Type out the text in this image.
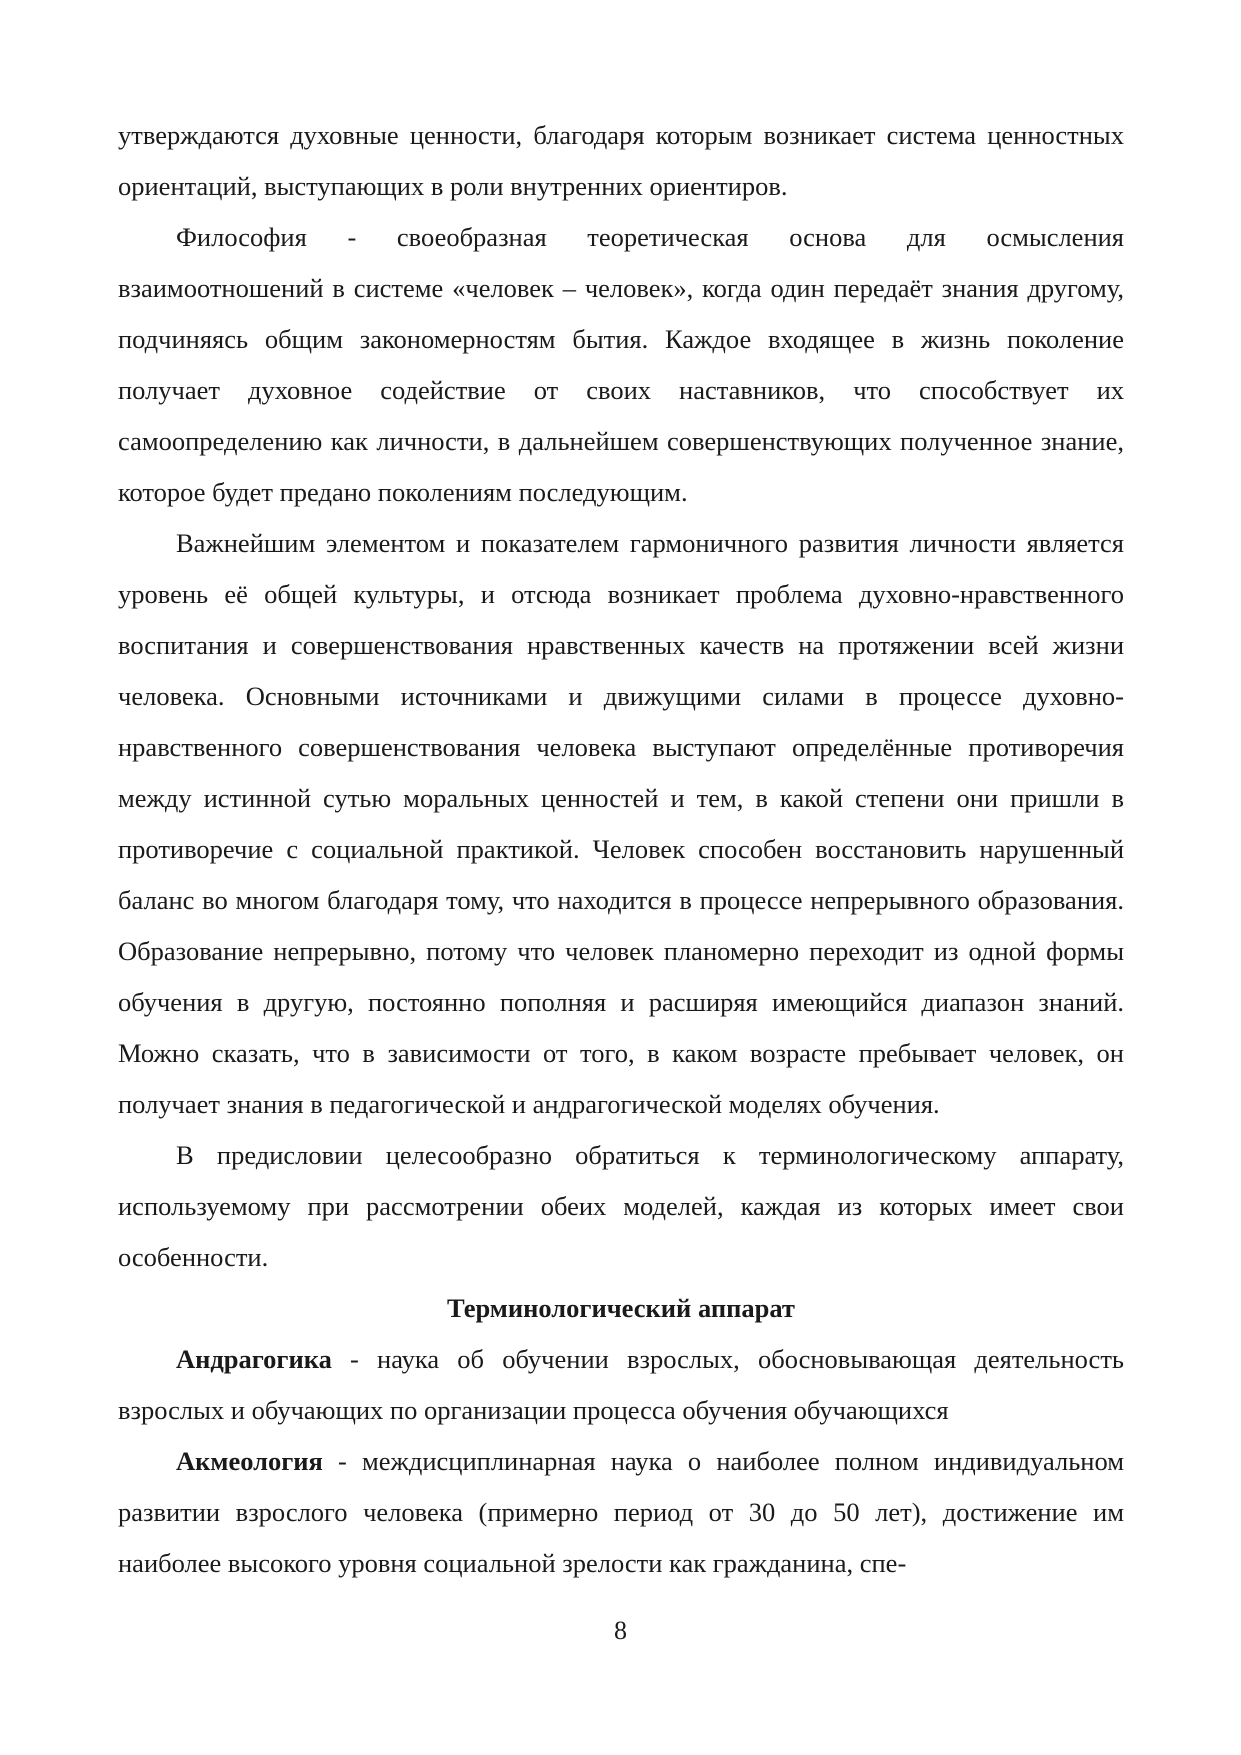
утверждаются духовные ценности, благодаря которым возникает система ценностных ориентаций, выступающих в роли внутренних ориентиров.

Философия - своеобразная теоретическая основа для осмысления взаимоотношений в системе «человек – человек», когда один передаёт знания другому, подчиняясь общим закономерностям бытия. Каждое входящее в жизнь поколение получает духовное содействие от своих наставников, что способствует их самоопределению как личности, в дальнейшем совершенствующих полученное знание, которое будет предано поколениям последующим.

Важнейшим элементом и показателем гармоничного развития личности является уровень её общей культуры, и отсюда возникает проблема духовно-нравственного воспитания и совершенствования нравственных качеств на протяжении всей жизни человека. Основными источниками и движущими силами в процессе духовно-нравственного совершенствования человека выступают определённые противоречия между истинной сутью моральных ценностей и тем, в какой степени они пришли в противоречие с социальной практикой. Человек способен восстановить нарушенный баланс во многом благодаря тому, что находится в процессе непрерывного образования. Образование непрерывно, потому что человек планомерно переходит из одной формы обучения в другую, постоянно пополняя и расширяя имеющийся диапазон знаний. Можно сказать, что в зависимости от того, в каком возрасте пребывает человек, он получает знания в педагогической и андрагогической моделях обучения.

В предисловии целесообразно обратиться к терминологическому аппарату, используемому при рассмотрении обеих моделей, каждая из которых имеет свои особенности.

Терминологический аппарат

Андрагогика - наука об обучении взрослых, обосновывающая деятельность взрослых и обучающих по организации процесса обучения обучающихся

Акмеология - междисциплинарная наука о наиболее полном индивидуальном развитии взрослого человека (примерно период от 30 до 50 лет), достижение им наиболее высокого уровня социальной зрелости как гражданина, спе-

8
